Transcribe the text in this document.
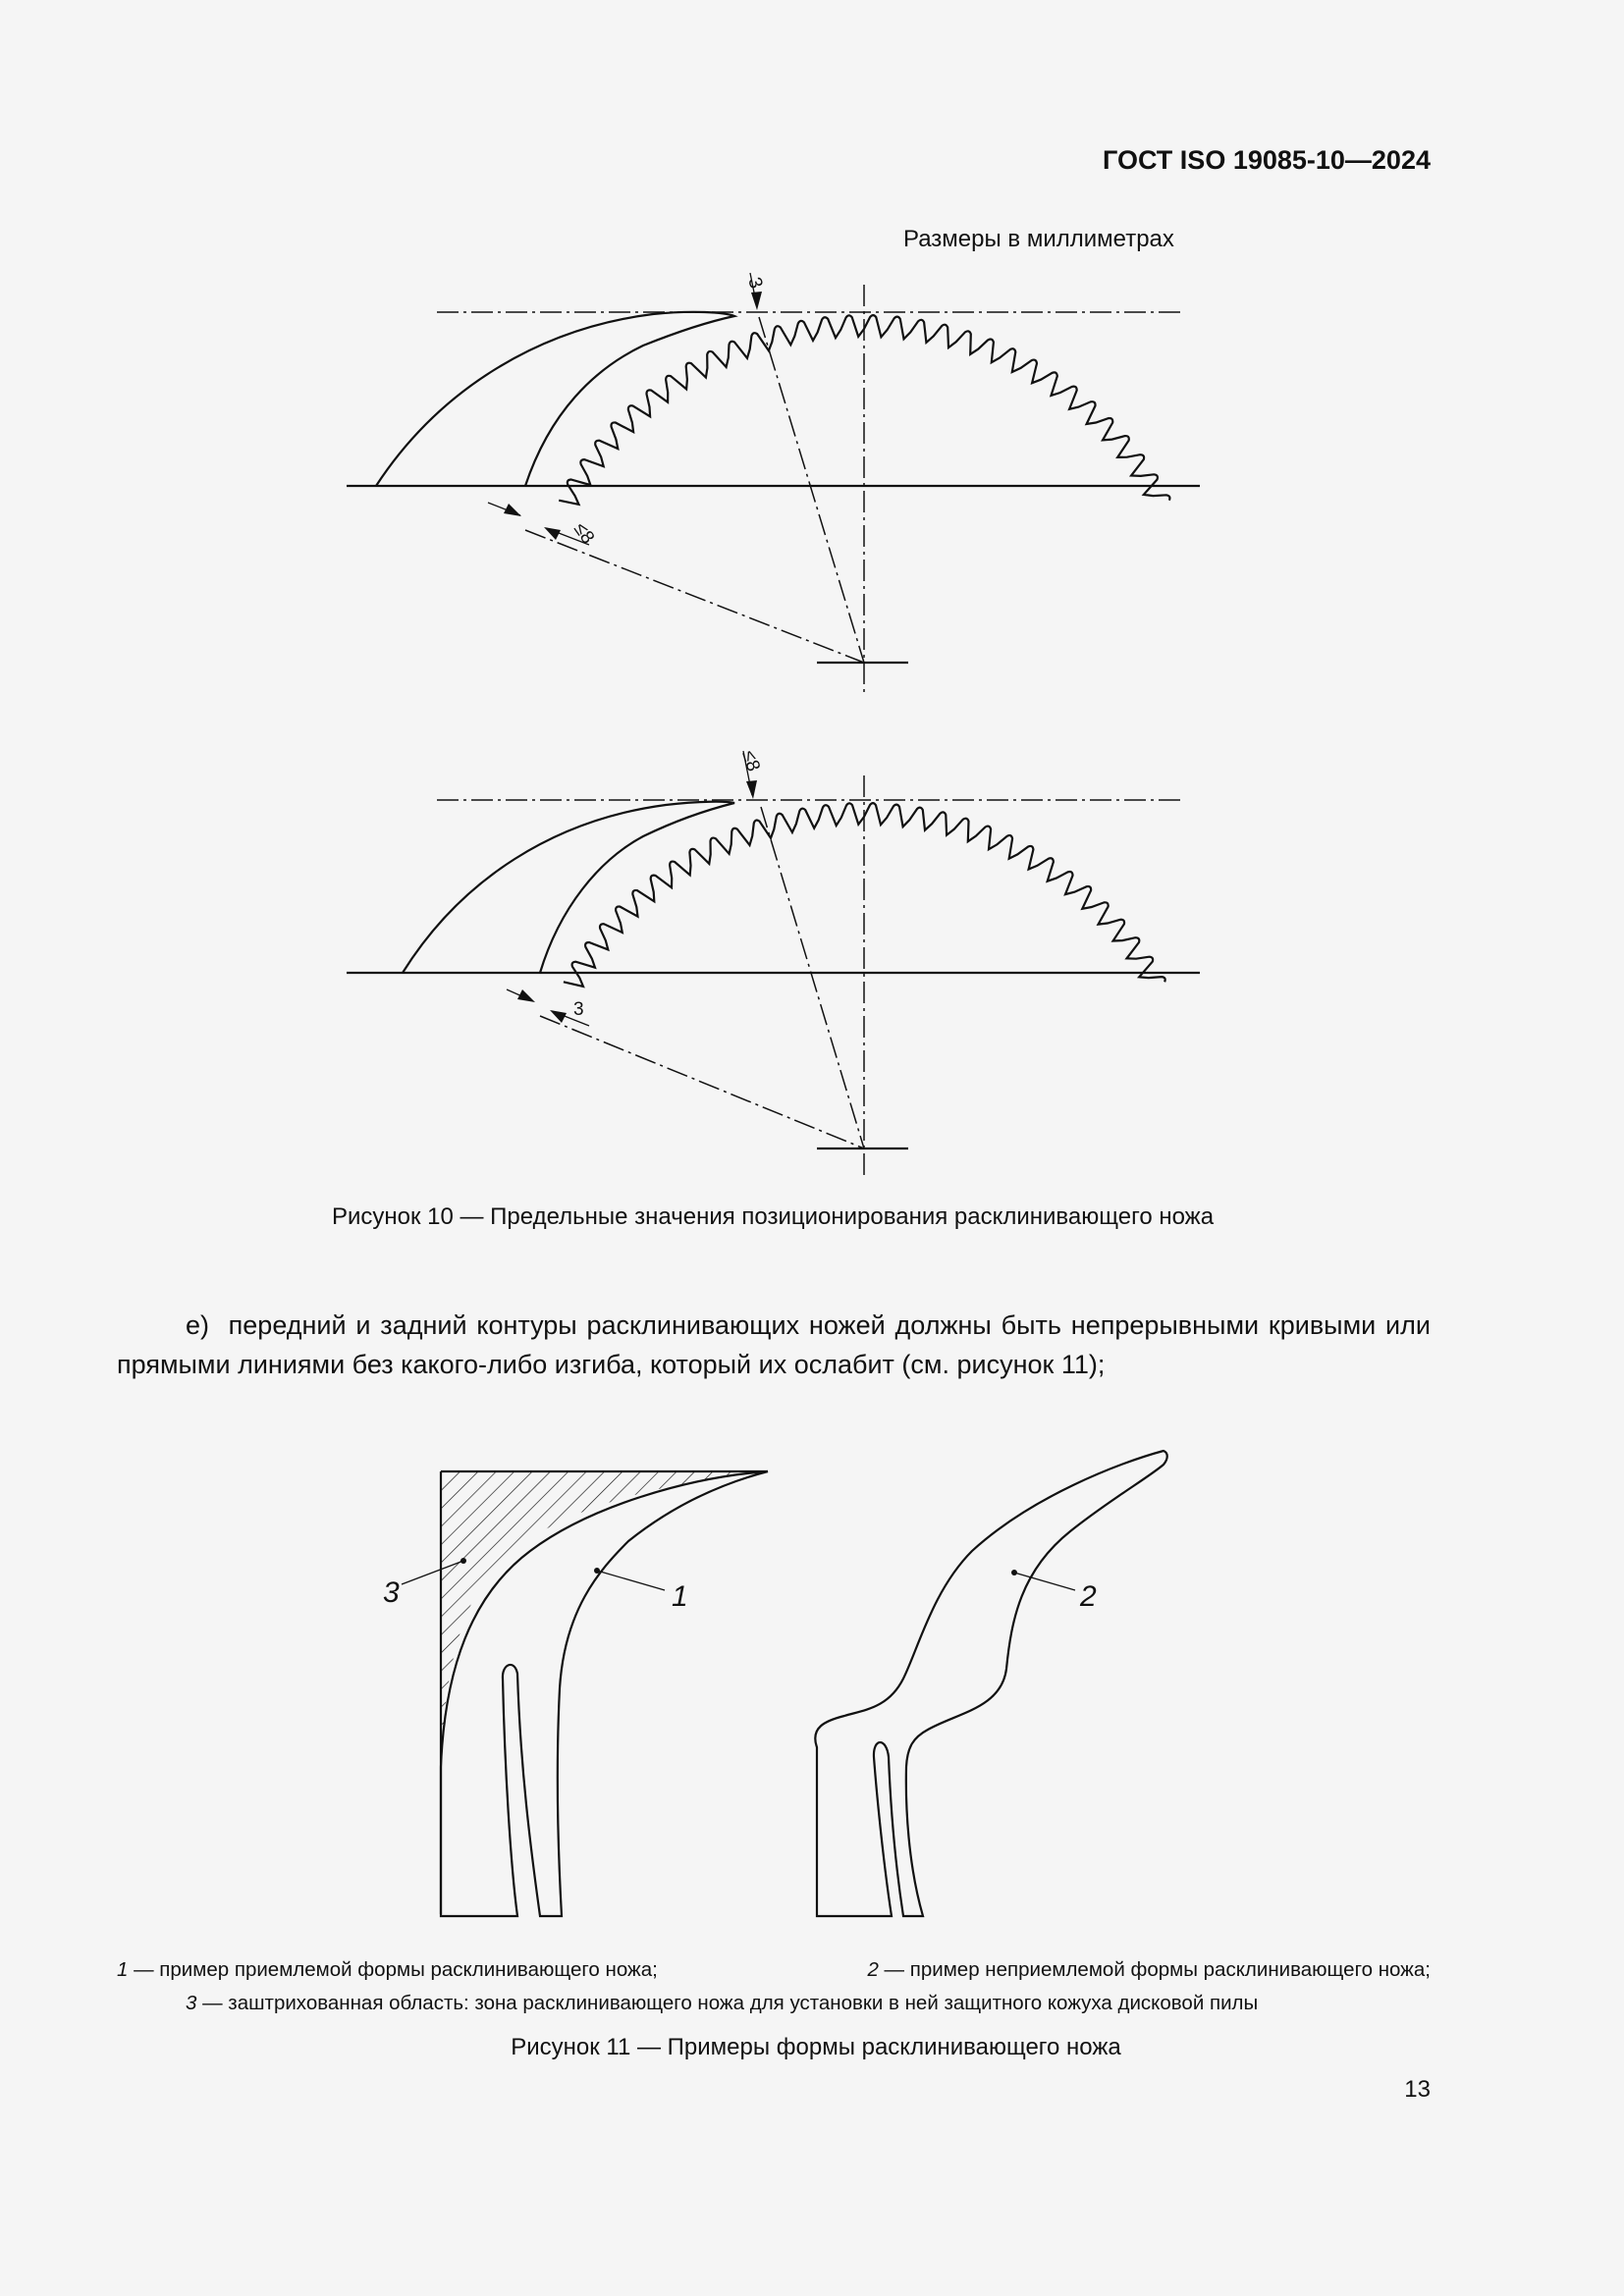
ГОСТ ISO 19085-10—2024
Размеры в миллиметрах
3
≤8
≤8
3
3	1	2
Рисунок 10 — Предельные значения позиционирования расклинивающего ножа
е) передний и задний контуры расклинивающих ножей должны быть непрерывными кривыми или прямыми линиями без какого-либо изгиба, который их ослабит (см. рисунок 11);
1 — пример приемлемой формы расклинивающего ножа;	2 — пример неприемлемой формы расклинивающего ножа;
3 — заштрихованная область: зона расклинивающего ножа для установки в ней защитного кожуха дисковой пилы
Рисунок 11 — Примеры формы расклинивающего ножа
13
